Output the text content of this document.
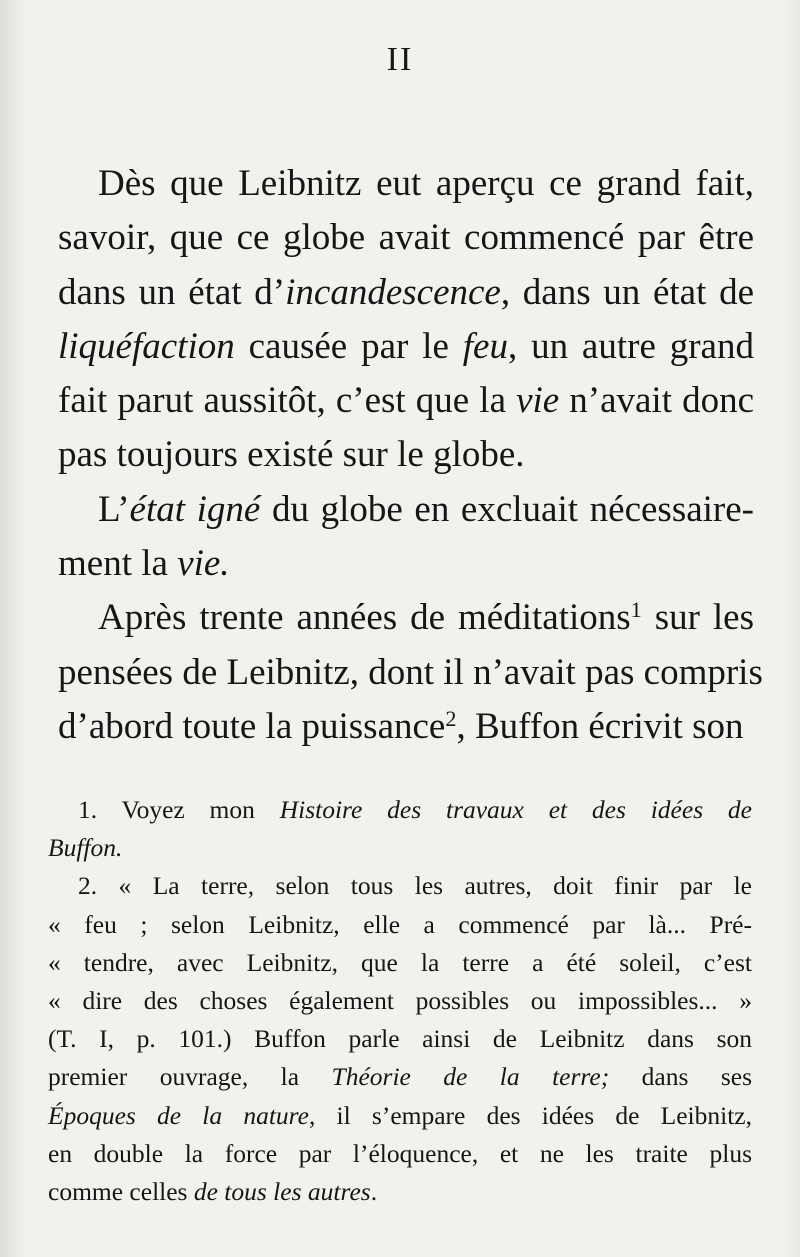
II
Dès que Leibnitz eut aperçu ce grand fait,
savoir, que ce globe avait commencé par être
dans un état d’incandescence, dans un état de
liquéfaction causée par le feu, un autre grand
fait parut aussitôt, c’est que la vie n’avait donc
pas toujours existé sur le globe.
L’état igné du globe en excluait nécessaire-
ment la vie.
Après trente années de méditations$^1$ sur les
pensées de Leibnitz, dont il n’avait pas compris
d’abord toute la puissance$^2$, Buffon écrivit son
1. Voyez mon Histoire des travaux et des idées de
Buffon.
2. « La terre, selon tous les autres, doit finir par le
« feu ; selon Leibnitz, elle a commencé par là... Pré-
« tendre, avec Leibnitz, que la terre a été soleil, c’est
« dire des choses également possibles ou impossibles... »
(T. I, p. 101.) Buffon parle ainsi de Leibnitz dans son
premier ouvrage, la Théorie de la terre; dans ses
Époques de la nature, il s’empare des idées de Leibnitz,
en double la force par l’éloquence, et ne les traite plus
comme celles de tous les autres.
